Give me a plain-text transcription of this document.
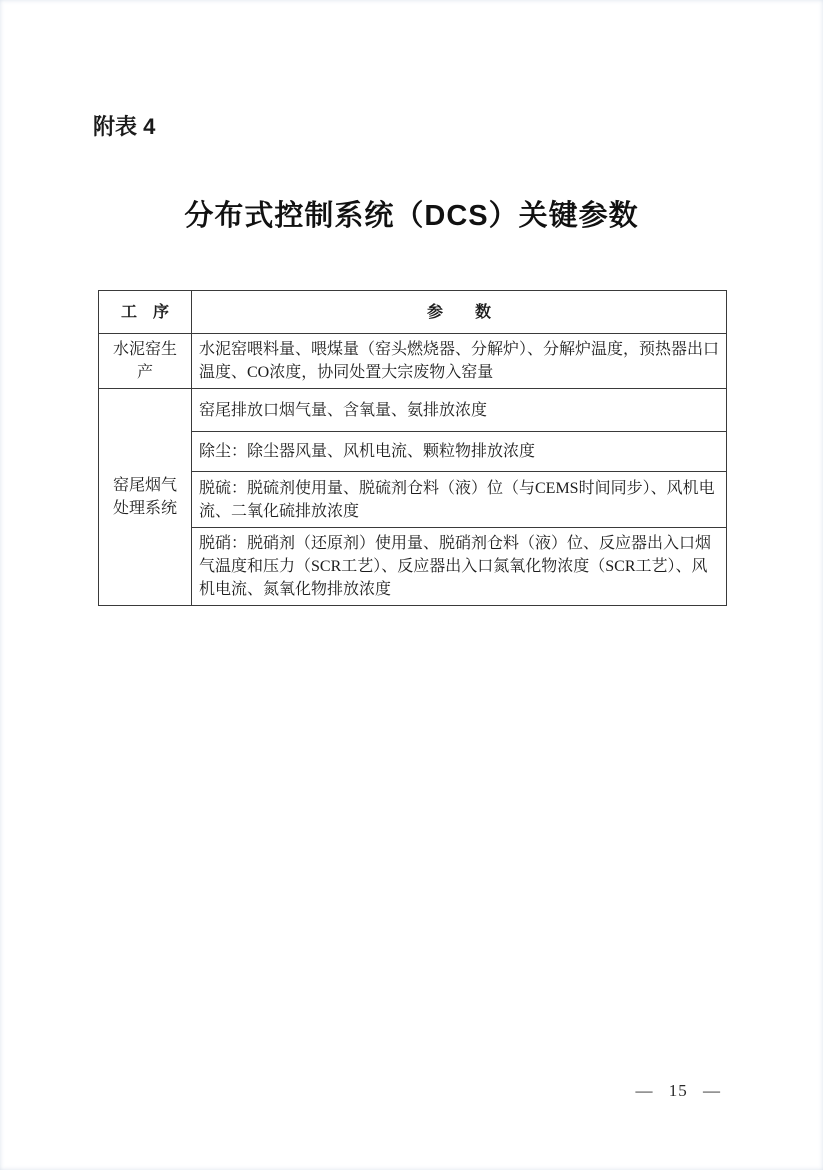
附表 4
分布式控制系统（DCS）关键参数
工　序	参　　数
水泥窑生产	水泥窑喂料量、喂煤量（窑头燃烧器、分解炉）、分解炉温度，预热器出口温度、CO浓度，协同处置大宗废物入窑量
窑尾烟气处理系统	窑尾排放口烟气量、含氧量、氨排放浓度
	除尘：除尘器风量、风机电流、颗粒物排放浓度
	脱硫：脱硫剂使用量、脱硫剂仓料（液）位（与CEMS时间同步）、风机电流、二氧化硫排放浓度
	脱硝：脱硝剂（还原剂）使用量、脱硝剂仓料（液）位、反应器出入口烟气温度和压力（SCR工艺）、反应器出入口氮氧化物浓度（SCR工艺）、风机电流、氮氧化物排放浓度
— 15 —
